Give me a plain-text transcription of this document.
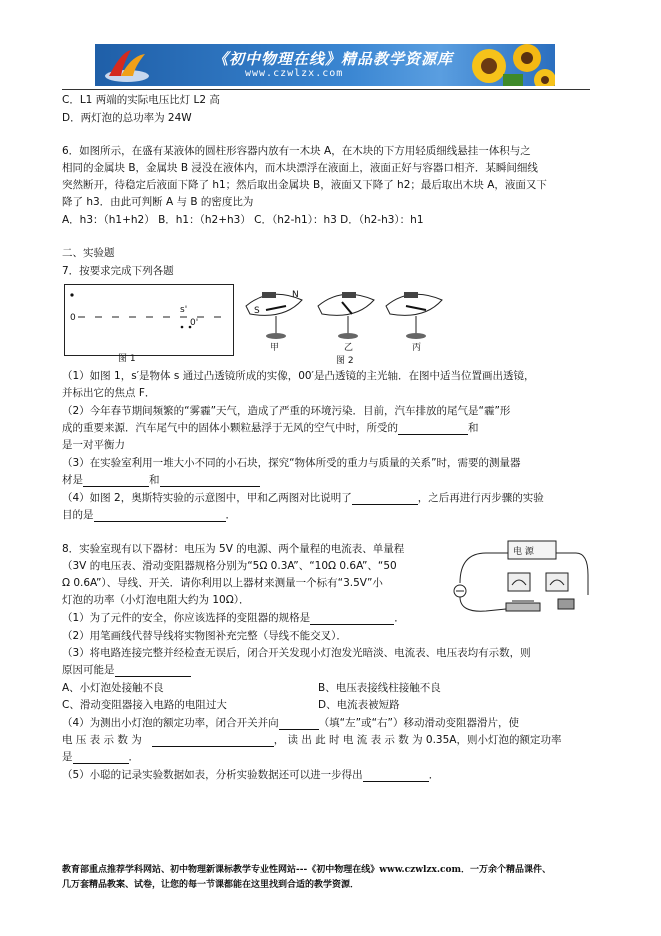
《初中物理在线》精品教学资源库
www.czwlzx.com
C．L1 两端的实际电压比灯 L2 高
D．两灯泡的总功率为 24W
6．如图所示，在盛有某液体的圆柱形容器内放有一木块 A，在木块的下方用轻质细线悬挂一体积与之
相同的金属块 B，金属块 B 浸没在液体内，而木块漂浮在液面上，液面正好与容器口相齐．某瞬间细线
突然断开，待稳定后液面下降了 h1；然后取出金属块 B，液面又下降了 h2；最后取出木块 A，液面又下
降了 h3．由此可判断 A 与 B 的密度比为
A．h3：（h1+h2） B．h1：（h2+h3） C．（h2-h1）：h3 D．（h2-h3）：h1
二、实验题
7．按要求完成下列各题
0	0'
s'
图 1
S
N
甲	乙	丙
图 2
（1）如图 1，s′是物体 s 通过凸透镜所成的实像，00′是凸透镜的主光轴．在图中适当位置画出透镜，
并标出它的焦点 F．
（2）今年春节期间频繁的“雾霾”天气，造成了严重的环境污染．目前，汽车排放的尾气是“霾”形
成的重要来源．汽车尾气中的固体小颗粒悬浮于无风的空气中时，所受的	和
是一对平衡力
（3）在实验室利用一堆大小不同的小石块，探究“物体所受的重力与质量的关系”时，需要的测量器
材是	和
（4）如图 2，奥斯特实验的示意图中，甲和乙两图对比说明了	，之后再进行丙步骤的实验
目的是	．
8．实验室现有以下器材：电压为 5V 的电源、两个量程的电流表、单量程
（3V 的电压表、滑动变阻器规格分别为“5Ω 0.3A”、“10Ω 0.6A”、“50
Ω 0.6A”）、导线、开关．请你利用以上器材来测量一个标有“3.5V”小
灯泡的功率（小灯泡电阻大约为 10Ω）．
电 源
（1）为了元件的安全，你应该选择的变阻器的规格是	．
（2）用笔画线代替导线将实物图补充完整（导线不能交叉）．
（3）将电路连接完整并经检查无误后，闭合开关发现小灯泡发光暗淡、电流表、电压表均有示数，则
原因可能是
A、小灯泡处接触不良	B、电压表接线柱接触不良
C、滑动变阻器接入电路的电阻过大	D、电流表被短路
（4）为测出小灯泡的额定功率，闭合开关并向	（填“左”或“右”）移动滑动变阻器滑片，使
电 压 表 示 数 为	， 读 出 此 时 电 流 表 示 数 为 0.35A，则小灯泡的额定功率
是	．
（5）小聪的记录实验数据如表，分析实验数据还可以进一步得出	．
教育部重点推荐学科网站、初中物理新课标教学专业性网站---《初中物理在线》www.czwlzx.com．一万余个精品课件、
几万套精品教案、试卷，让您的每一节课都能在这里找到合适的教学资源．
